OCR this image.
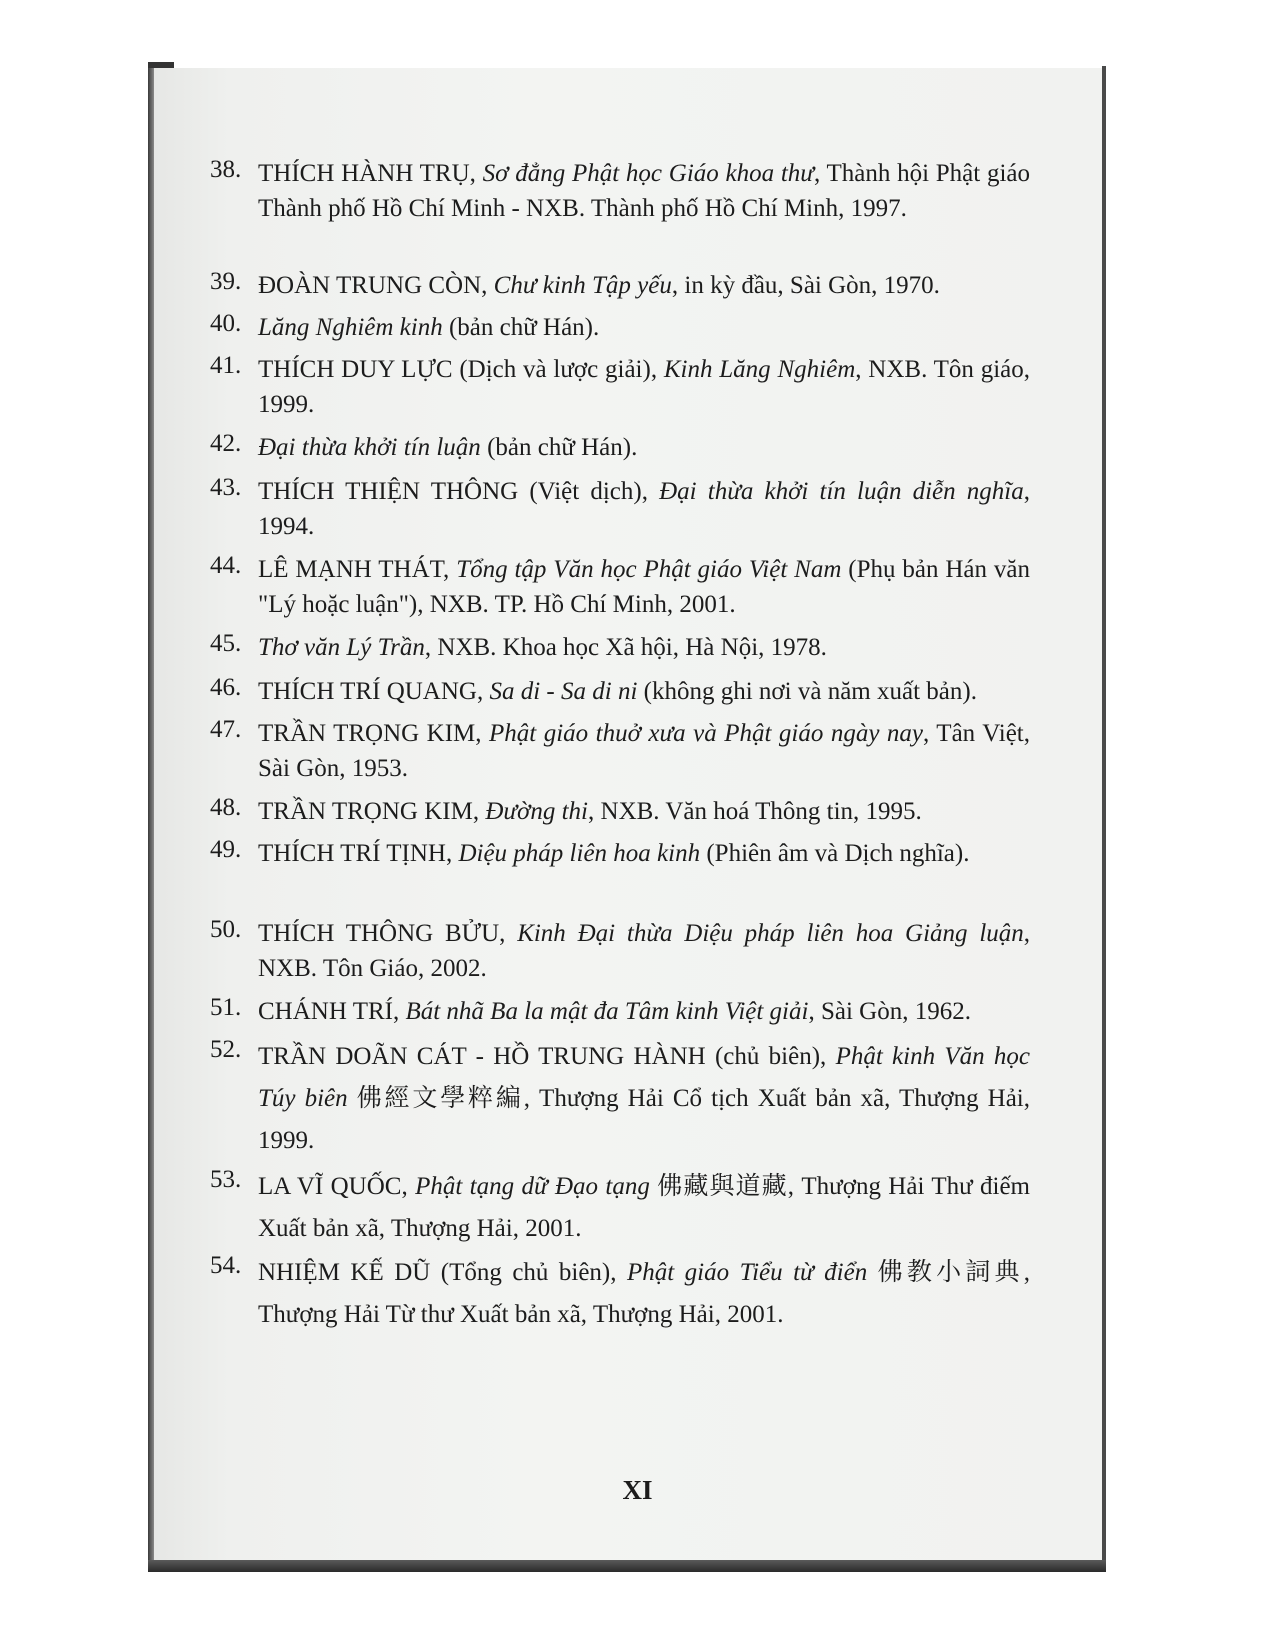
38. THÍCH HÀNH TRỤ, Sơ đẳng Phật học Giáo khoa thư, Thành hội Phật giáo Thành phố Hồ Chí Minh - NXB. Thành phố Hồ Chí Minh, 1997.
39. ĐOÀN TRUNG CÒN, Chư kinh Tập yếu, in kỳ đầu, Sài Gòn, 1970.
40. Lăng Nghiêm kinh (bản chữ Hán).
41. THÍCH DUY LỰC (Dịch và lược giải), Kinh Lăng Nghiêm, NXB. Tôn giáo, 1999.
42. Đại thừa khởi tín luận (bản chữ Hán).
43. THÍCH THIỆN THÔNG (Việt dịch), Đại thừa khởi tín luận diễn nghĩa, 1994.
44. LÊ MẠNH THÁT, Tổng tập Văn học Phật giáo Việt Nam (Phụ bản Hán văn "Lý hoặc luận"), NXB. TP. Hồ Chí Minh, 2001.
45. Thơ văn Lý Trần, NXB. Khoa học Xã hội, Hà Nội, 1978.
46. THÍCH TRÍ QUANG, Sa di - Sa di ni (không ghi nơi và năm xuất bản).
47. TRẦN TRỌNG KIM, Phật giáo thuở xưa và Phật giáo ngày nay, Tân Việt, Sài Gòn, 1953.
48. TRẦN TRỌNG KIM, Đường thi, NXB. Văn hoá Thông tin, 1995.
49. THÍCH TRÍ TỊNH, Diệu pháp liên hoa kinh (Phiên âm và Dịch nghĩa).
50. THÍCH THÔNG BỬU, Kinh Đại thừa Diệu pháp liên hoa Giảng luận, NXB. Tôn Giáo, 2002.
51. CHÁNH TRÍ, Bát nhã Ba la mật đa Tâm kinh Việt giải, Sài Gòn, 1962.
52. TRẦN DOÃN CÁT - HỒ TRUNG HÀNH (chủ biên), Phật kinh Văn học Túy biên 佛經文學粹編, Thượng Hải Cổ tịch Xuất bản xã, Thượng Hải, 1999.
53. LA VĨ QUỐC, Phật tạng dữ Đạo tạng 佛藏與道藏, Thượng Hải Thư điếm Xuất bản xã, Thượng Hải, 2001.
54. NHIỆM KẾ DŨ (Tổng chủ biên), Phật giáo Tiểu từ điển 佛教小詞典, Thượng Hải Từ thư Xuất bản xã, Thượng Hải, 2001.
XI
